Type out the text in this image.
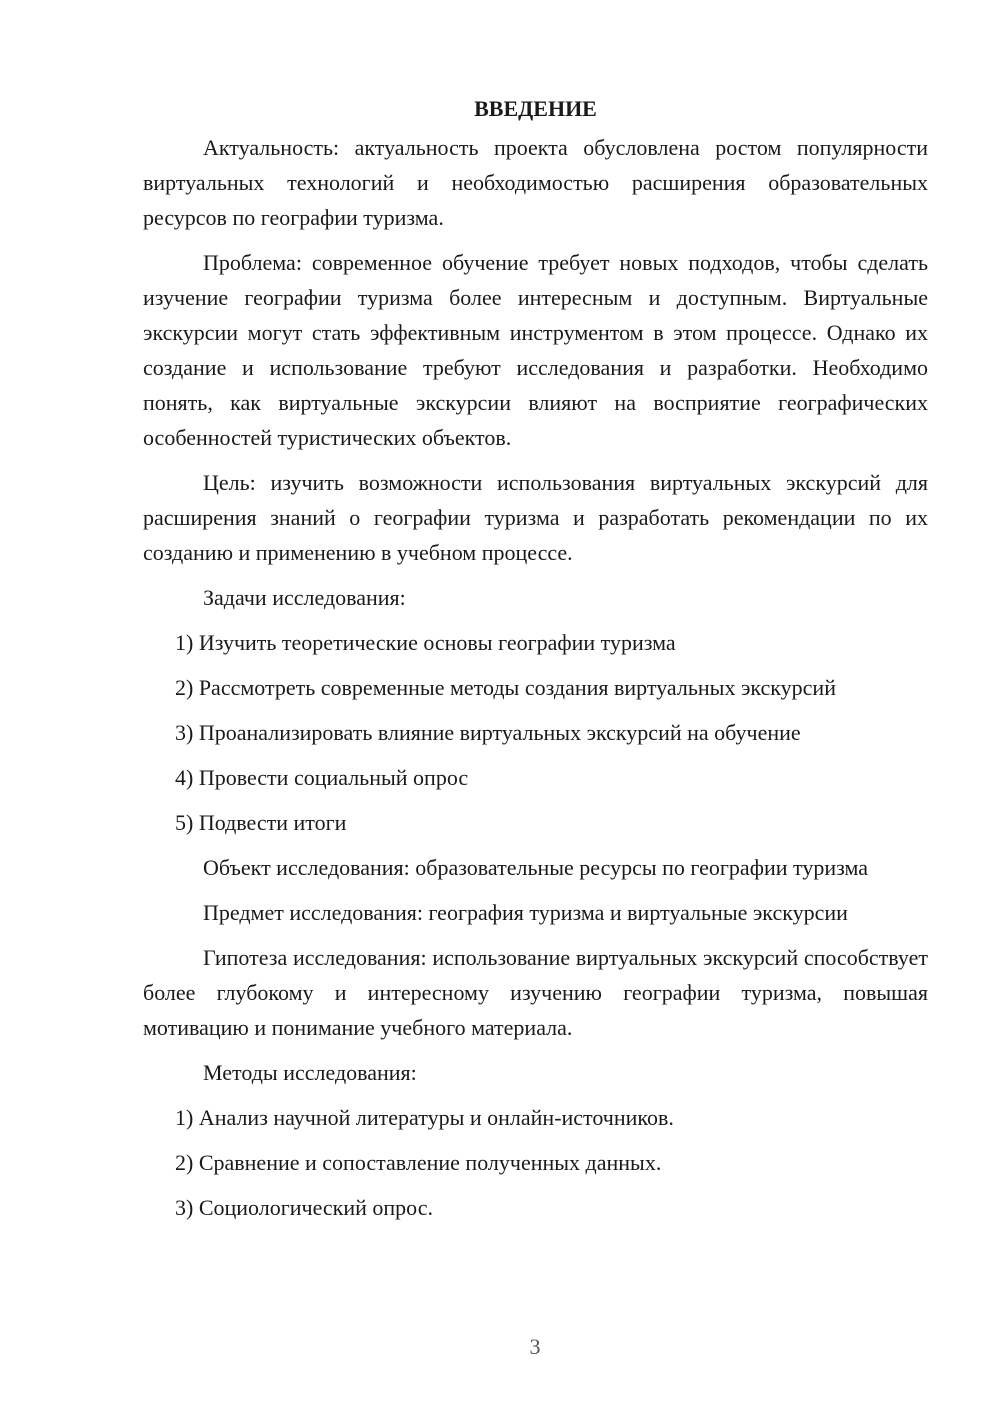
ВВЕДЕНИЕ

Актуальность: актуальность проекта обусловлена ростом популярности виртуальных технологий и необходимостью расширения образовательных ресурсов по географии туризма.

Проблема: современное обучение требует новых подходов, чтобы сделать изучение географии туризма более интересным и доступным. Виртуальные экскурсии могут стать эффективным инструментом в этом процессе. Однако их создание и использование требуют исследования и разработки. Необходимо понять, как виртуальные экскурсии влияют на восприятие географических особенностей туристических объектов.

Цель: изучить возможности использования виртуальных экскурсий для расширения знаний о географии туризма и разработать рекомендации по их созданию и применению в учебном процессе.

Задачи исследования:

1) Изучить теоретические основы географии туризма
2) Рассмотреть современные методы создания виртуальных экскурсий
3) Проанализировать влияние виртуальных экскурсий на обучение
4) Провести социальный опрос
5) Подвести итоги

Объект исследования: образовательные ресурсы по географии туризма

Предмет исследования: география туризма и виртуальные экскурсии

Гипотеза исследования: использование виртуальных экскурсий способствует более глубокому и интересному изучению географии туризма, повышая мотивацию и понимание учебного материала.

Методы исследования:

1) Анализ научной литературы и онлайн-источников.
2) Сравнение и сопоставление полученных данных.
3) Социологический опрос.
3
